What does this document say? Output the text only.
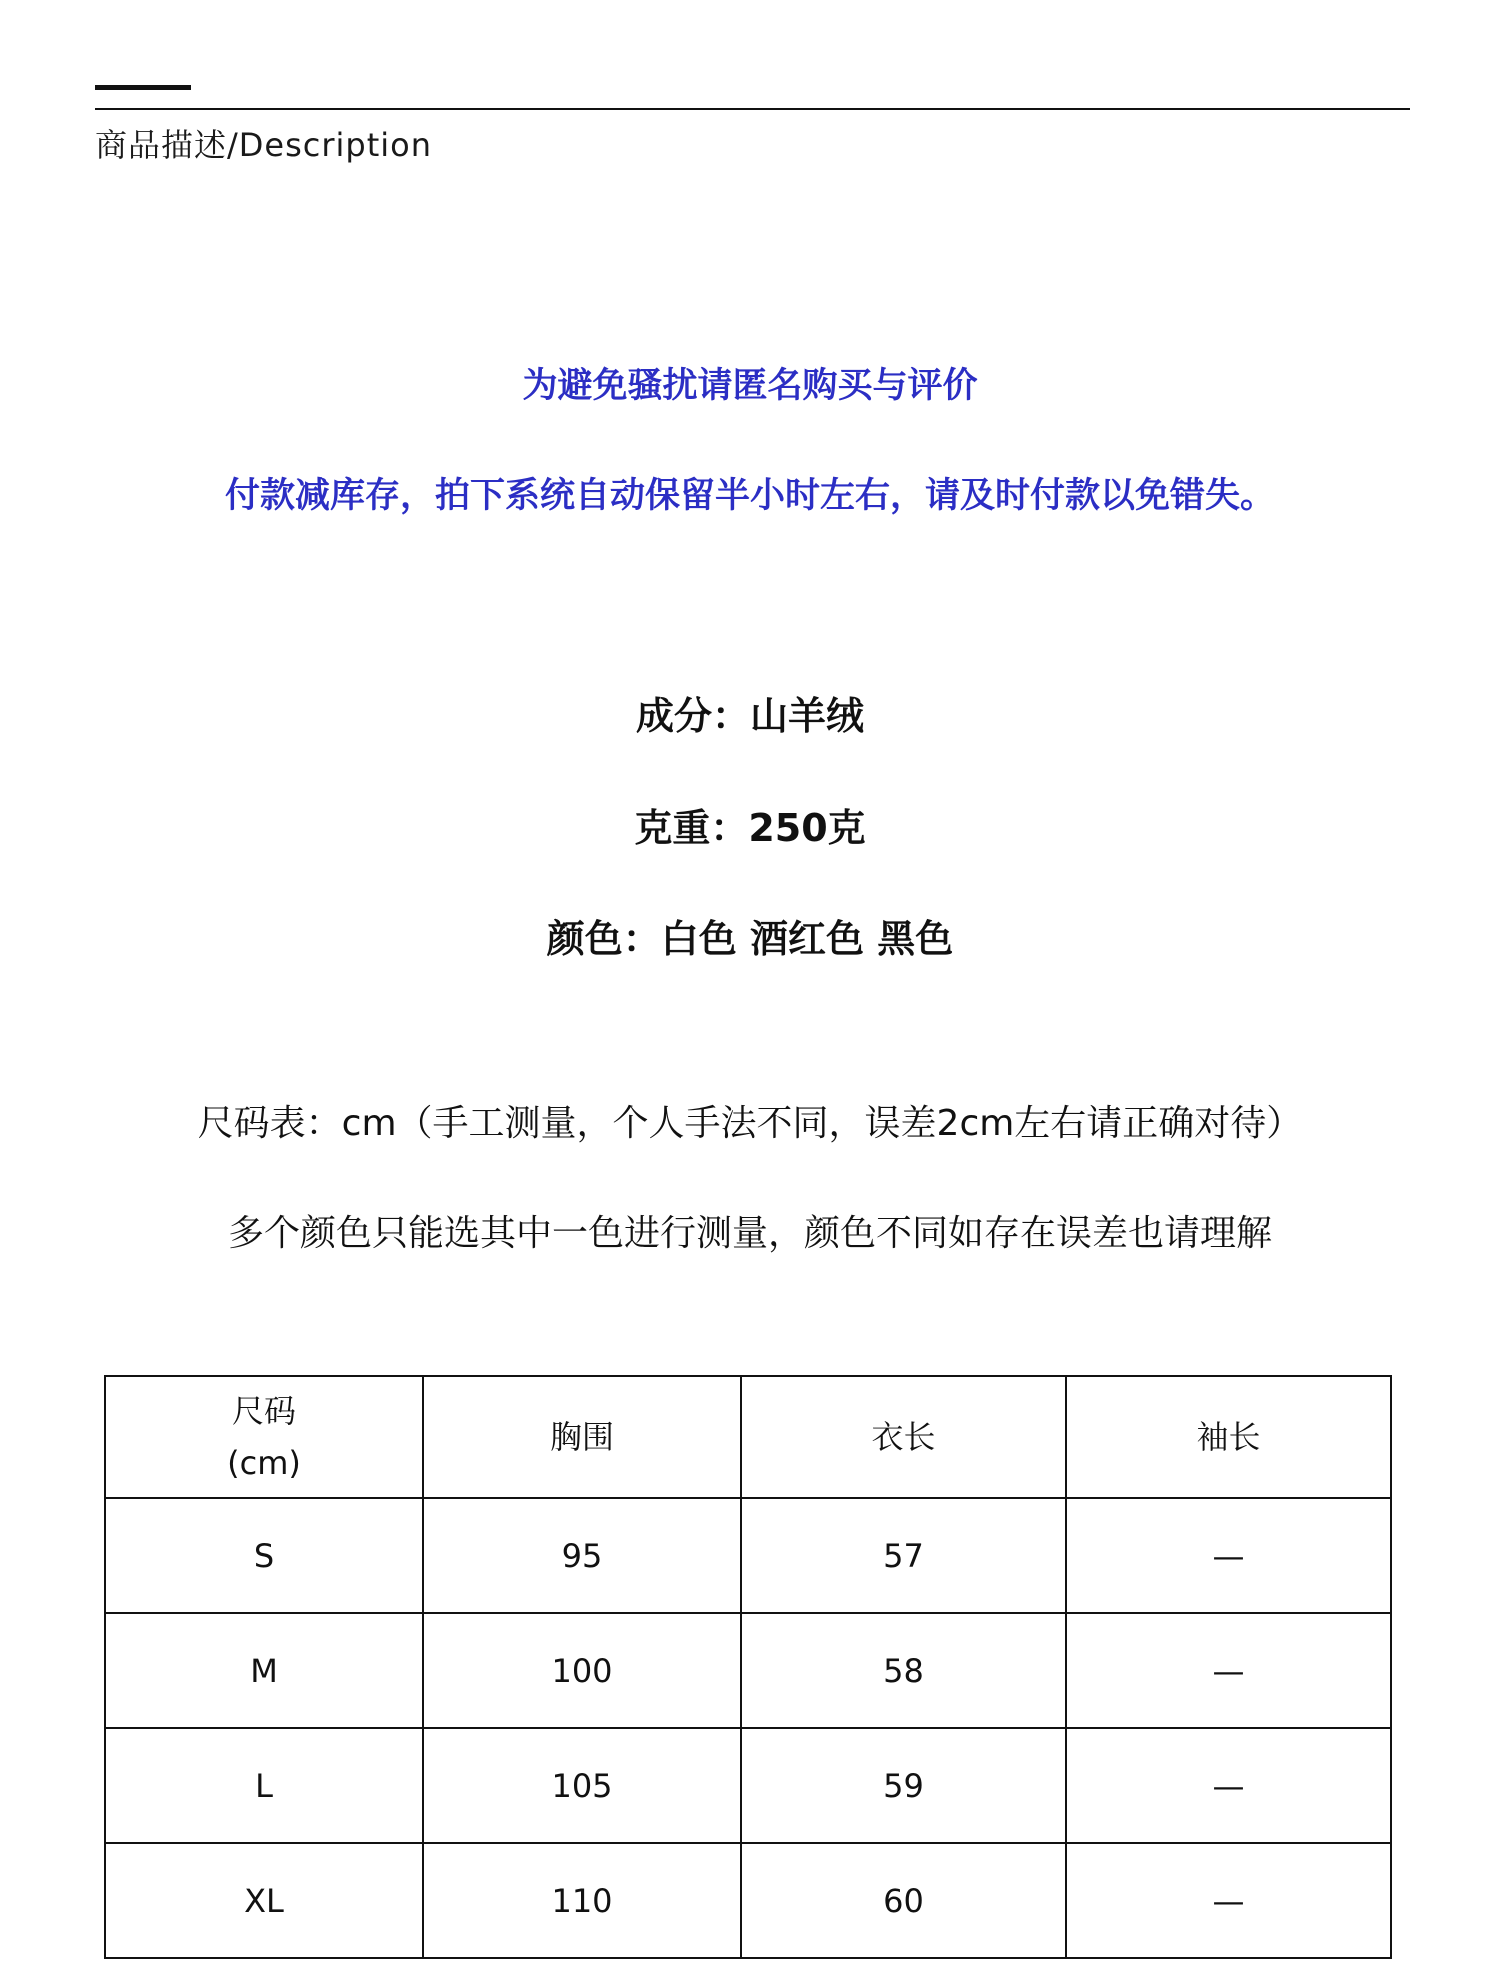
商品描述/Description
为避免骚扰请匿名购买与评价
付款减库存，拍下系统自动保留半小时左右，请及时付款以免错失。
成分：山羊绒
克重：250克
颜色：白色 酒红色 黑色
尺码表：cm（手工测量，个人手法不同，误差2cm左右请正确对待）
多个颜色只能选其中一色进行测量，颜色不同如存在误差也请理解
尺码
(cm)	胸围	衣长	袖长
S	95	57	—
M	100	58	—
L	105	59	—
XL	110	60	—
